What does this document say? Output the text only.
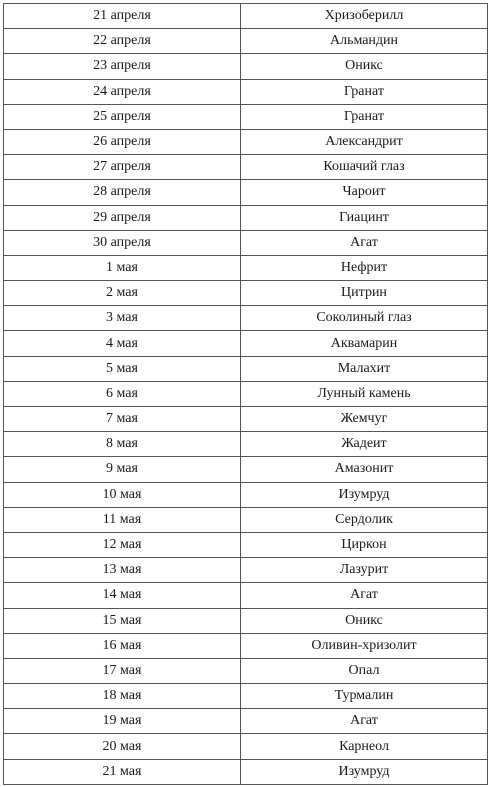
21 апреля	Хризоберилл
22 апреля	Альмандин
23 апреля	Оникс
24 апреля	Гранат
25 апреля	Гранат
26 апреля	Александрит
27 апреля	Кошачий глаз
28 апреля	Чароит
29 апреля	Гиацинт
30 апреля	Агат
1 мая	Нефрит
2 мая	Цитрин
3 мая	Соколиный глаз
4 мая	Аквамарин
5 мая	Малахит
6 мая	Лунный камень
7 мая	Жемчуг
8 мая	Жадеит
9 мая	Амазонит
10 мая	Изумруд
11 мая	Сердолик
12 мая	Циркон
13 мая	Лазурит
14 мая	Агат
15 мая	Оникс
16 мая	Оливин-хризолит
17 мая	Опал
18 мая	Турмалин
19 мая	Агат
20 мая	Карнеол
21 мая	Изумруд
